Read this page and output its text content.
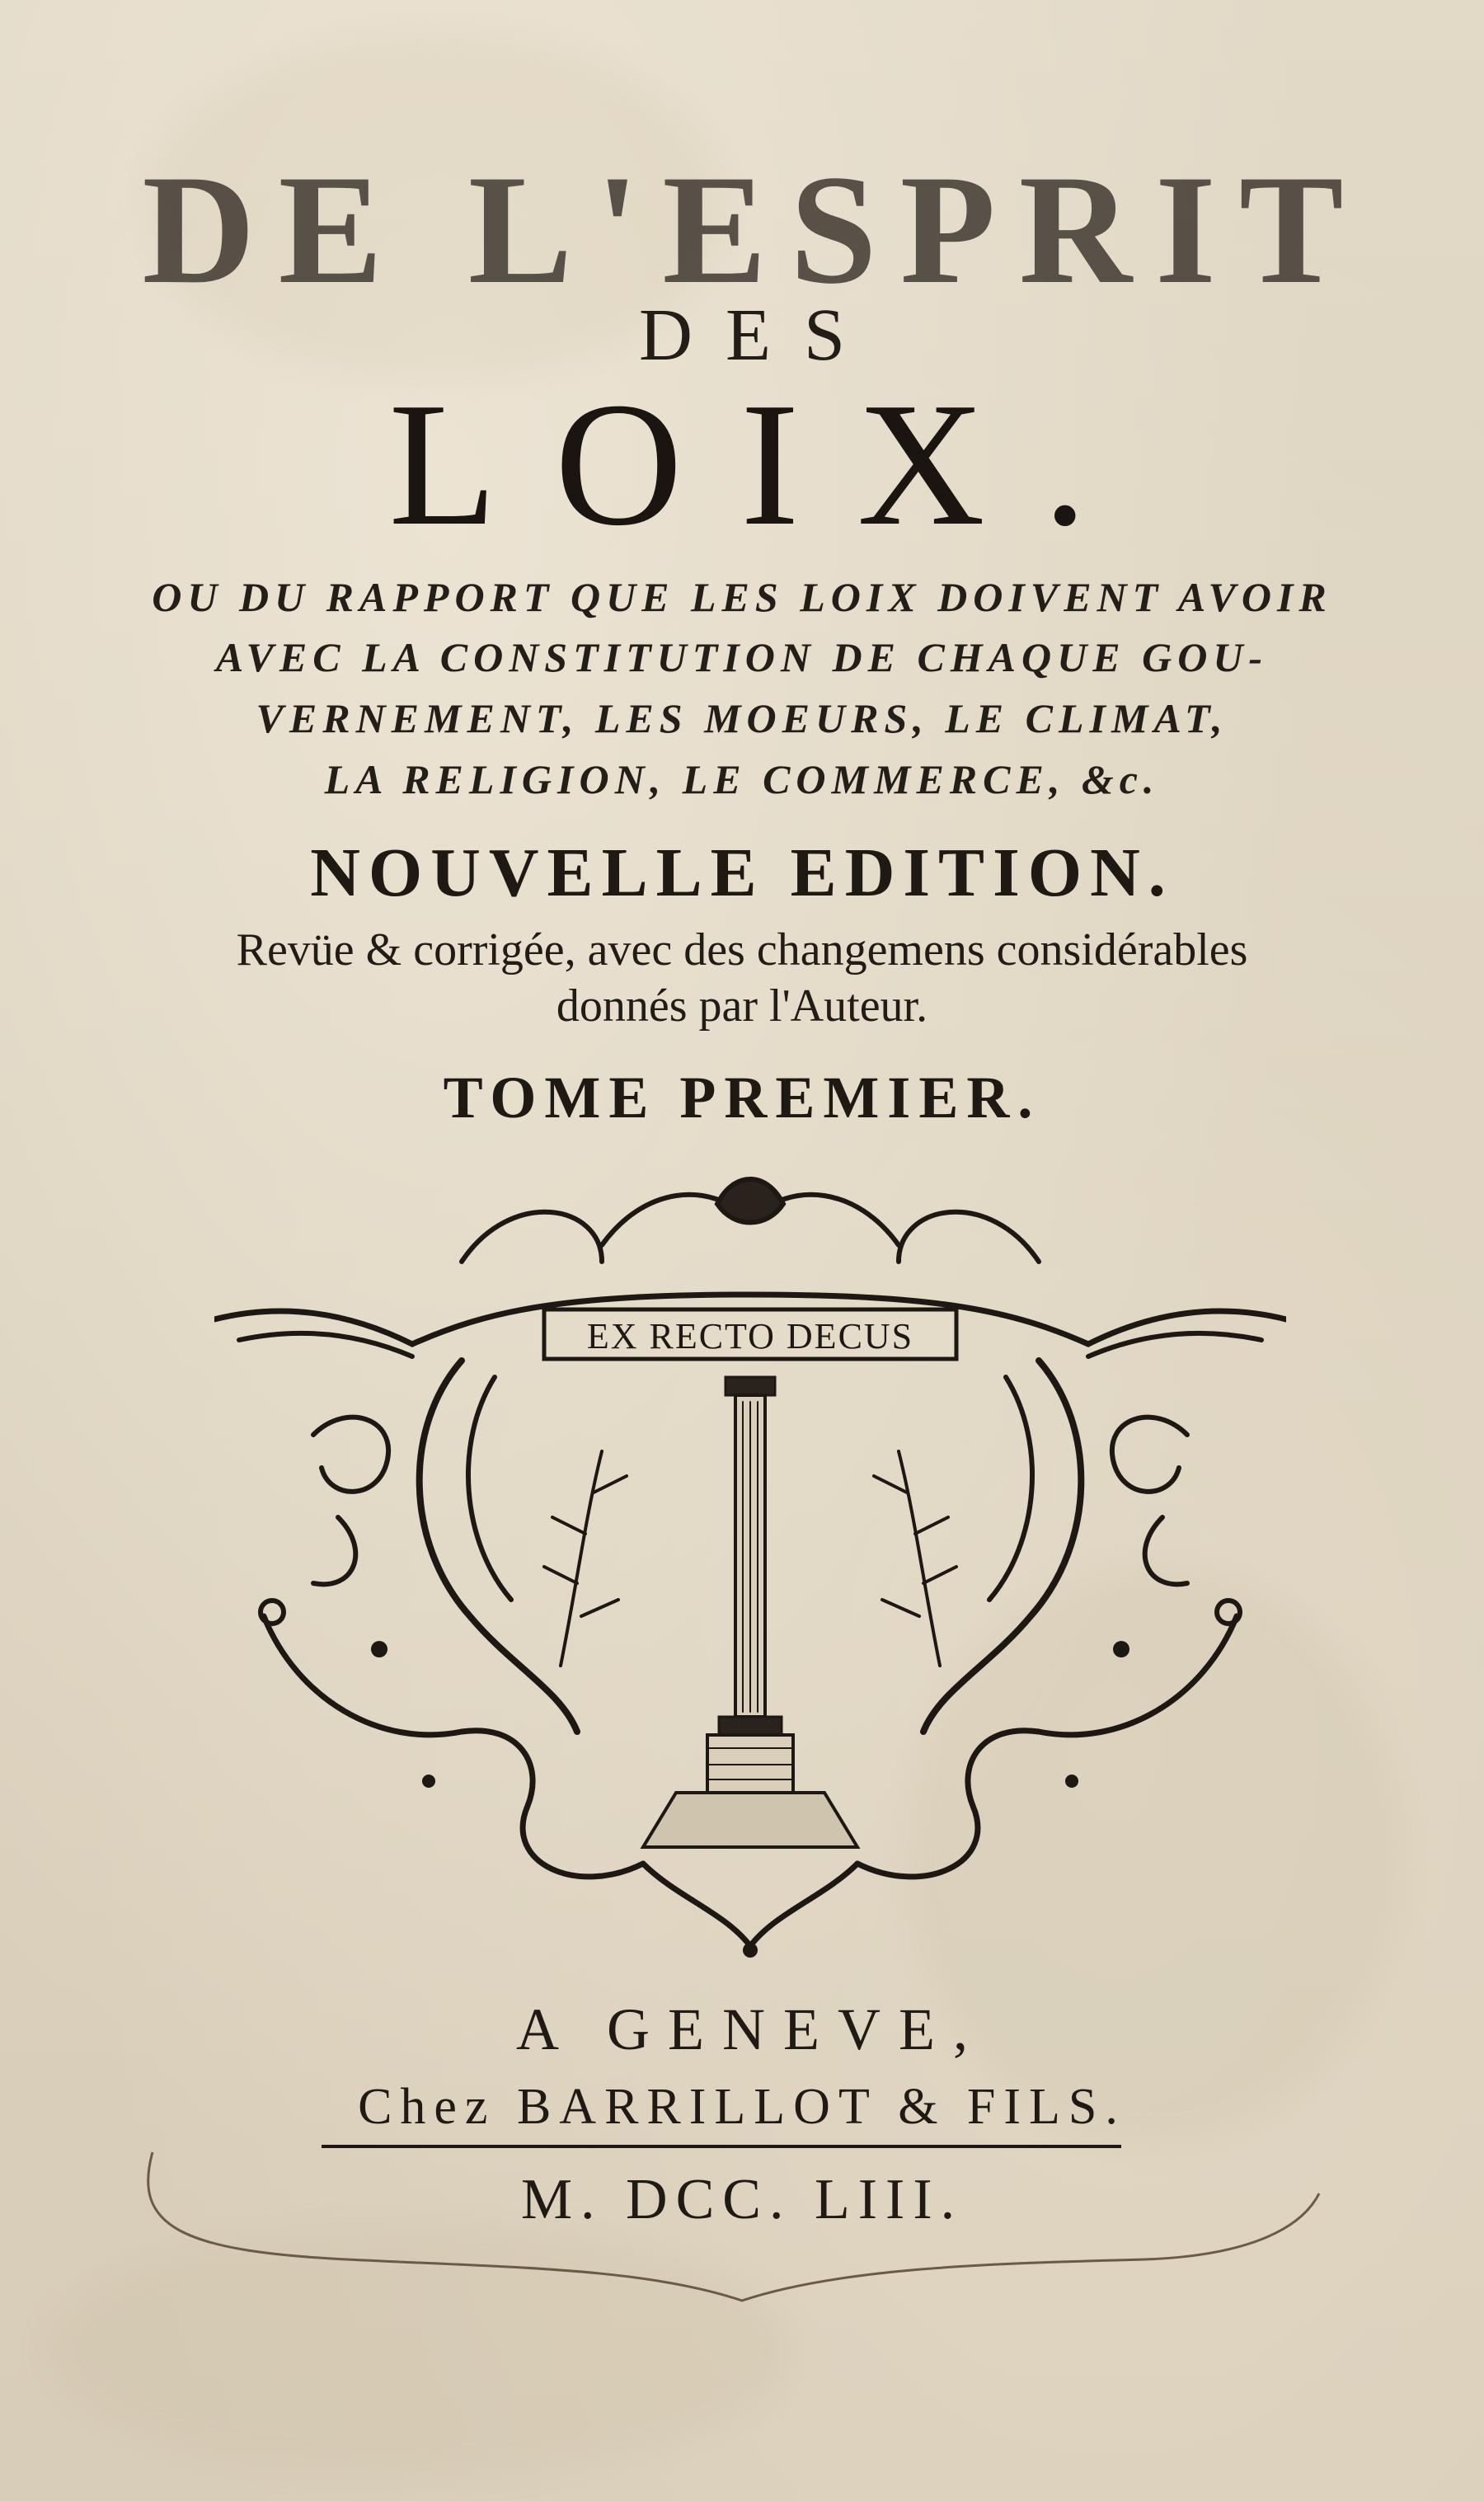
DE L'ESPRIT
DES
LOIX.
OU DU RAPPORT QUE LES LOIX DOIVENT AVOIR
AVEC LA CONSTITUTION DE CHAQUE GOU-
VERNEMENT, LES MOEURS, LE CLIMAT,
LA RELIGION, LE COMMERCE, &c.
NOUVELLE EDITION.
Revüe & corrigée, avec des changemens considérables
donnés par l'Auteur.
TOME PREMIER.
EX RECTO DECUS
A GENEVE,
Chez BARRILLOT & FILS.
M. DCC. LIII.
